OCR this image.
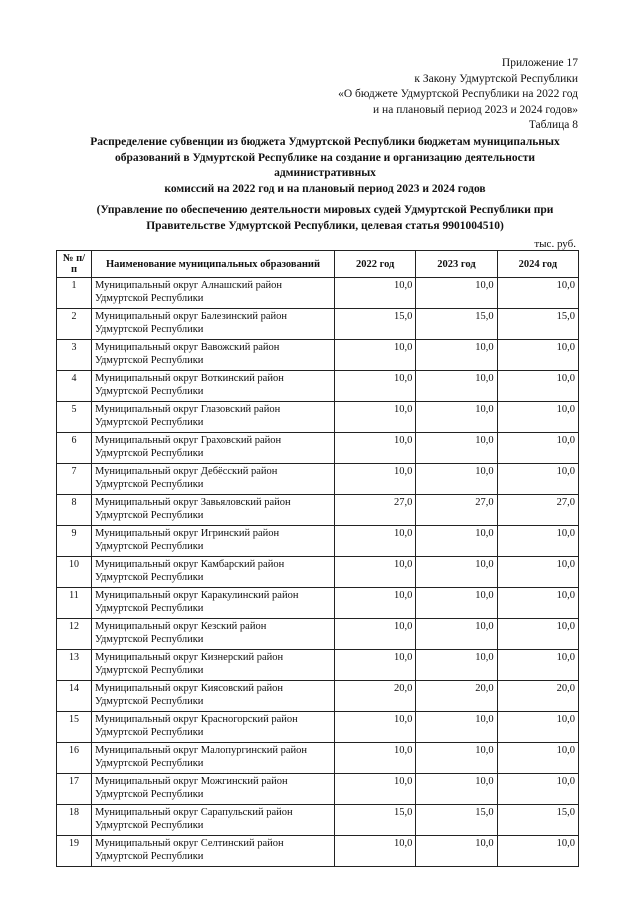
Приложение 17
к Закону Удмуртской Республики
«О бюджете Удмуртской Республики на 2022 год
и на плановый период 2023 и 2024 годов»
Таблица 8
Распределение субвенции из бюджета Удмуртской Республики бюджетам муниципальных
образований в Удмуртской Республике на создание и организацию деятельности административных
комиссий на 2022 год и на плановый период 2023 и 2024 годов
(Управление по обеспечению деятельности мировых судей Удмуртской Республики при
Правительстве Удмуртской Республики, целевая статья 9901004510)
тыс. руб.
№ п/п	Наименование муниципальных образований	2022 год	2023 год	2024 год
1	Муниципальный округ Алнашский район
Удмуртской Республики	10,0	10,0	10,0
2	Муниципальный округ Балезинский район
Удмуртской Республики	15,0	15,0	15,0
3	Муниципальный округ Вавожский район
Удмуртской Республики	10,0	10,0	10,0
4	Муниципальный округ Воткинский район
Удмуртской Республики	10,0	10,0	10,0
5	Муниципальный округ Глазовский район
Удмуртской Республики	10,0	10,0	10,0
6	Муниципальный округ Граховский район
Удмуртской Республики	10,0	10,0	10,0
7	Муниципальный округ Дебёсский район
Удмуртской Республики	10,0	10,0	10,0
8	Муниципальный округ Завьяловский район
Удмуртской Республики	27,0	27,0	27,0
9	Муниципальный округ Игринский район
Удмуртской Республики	10,0	10,0	10,0
10	Муниципальный округ Камбарский район
Удмуртской Республики	10,0	10,0	10,0
11	Муниципальный округ Каракулинский район
Удмуртской Республики	10,0	10,0	10,0
12	Муниципальный округ Кезский район
Удмуртской Республики	10,0	10,0	10,0
13	Муниципальный округ Кизнерский район
Удмуртской Республики	10,0	10,0	10,0
14	Муниципальный округ Киясовский район
Удмуртской Республики	20,0	20,0	20,0
15	Муниципальный округ Красногорский район
Удмуртской Республики	10,0	10,0	10,0
16	Муниципальный округ Малопургинский район
Удмуртской Республики	10,0	10,0	10,0
17	Муниципальный округ Можгинский район
Удмуртской Республики	10,0	10,0	10,0
18	Муниципальный округ Сарапульский район
Удмуртской Республики	15,0	15,0	15,0
19	Муниципальный округ Селтинский район
Удмуртской Республики	10,0	10,0	10,0
